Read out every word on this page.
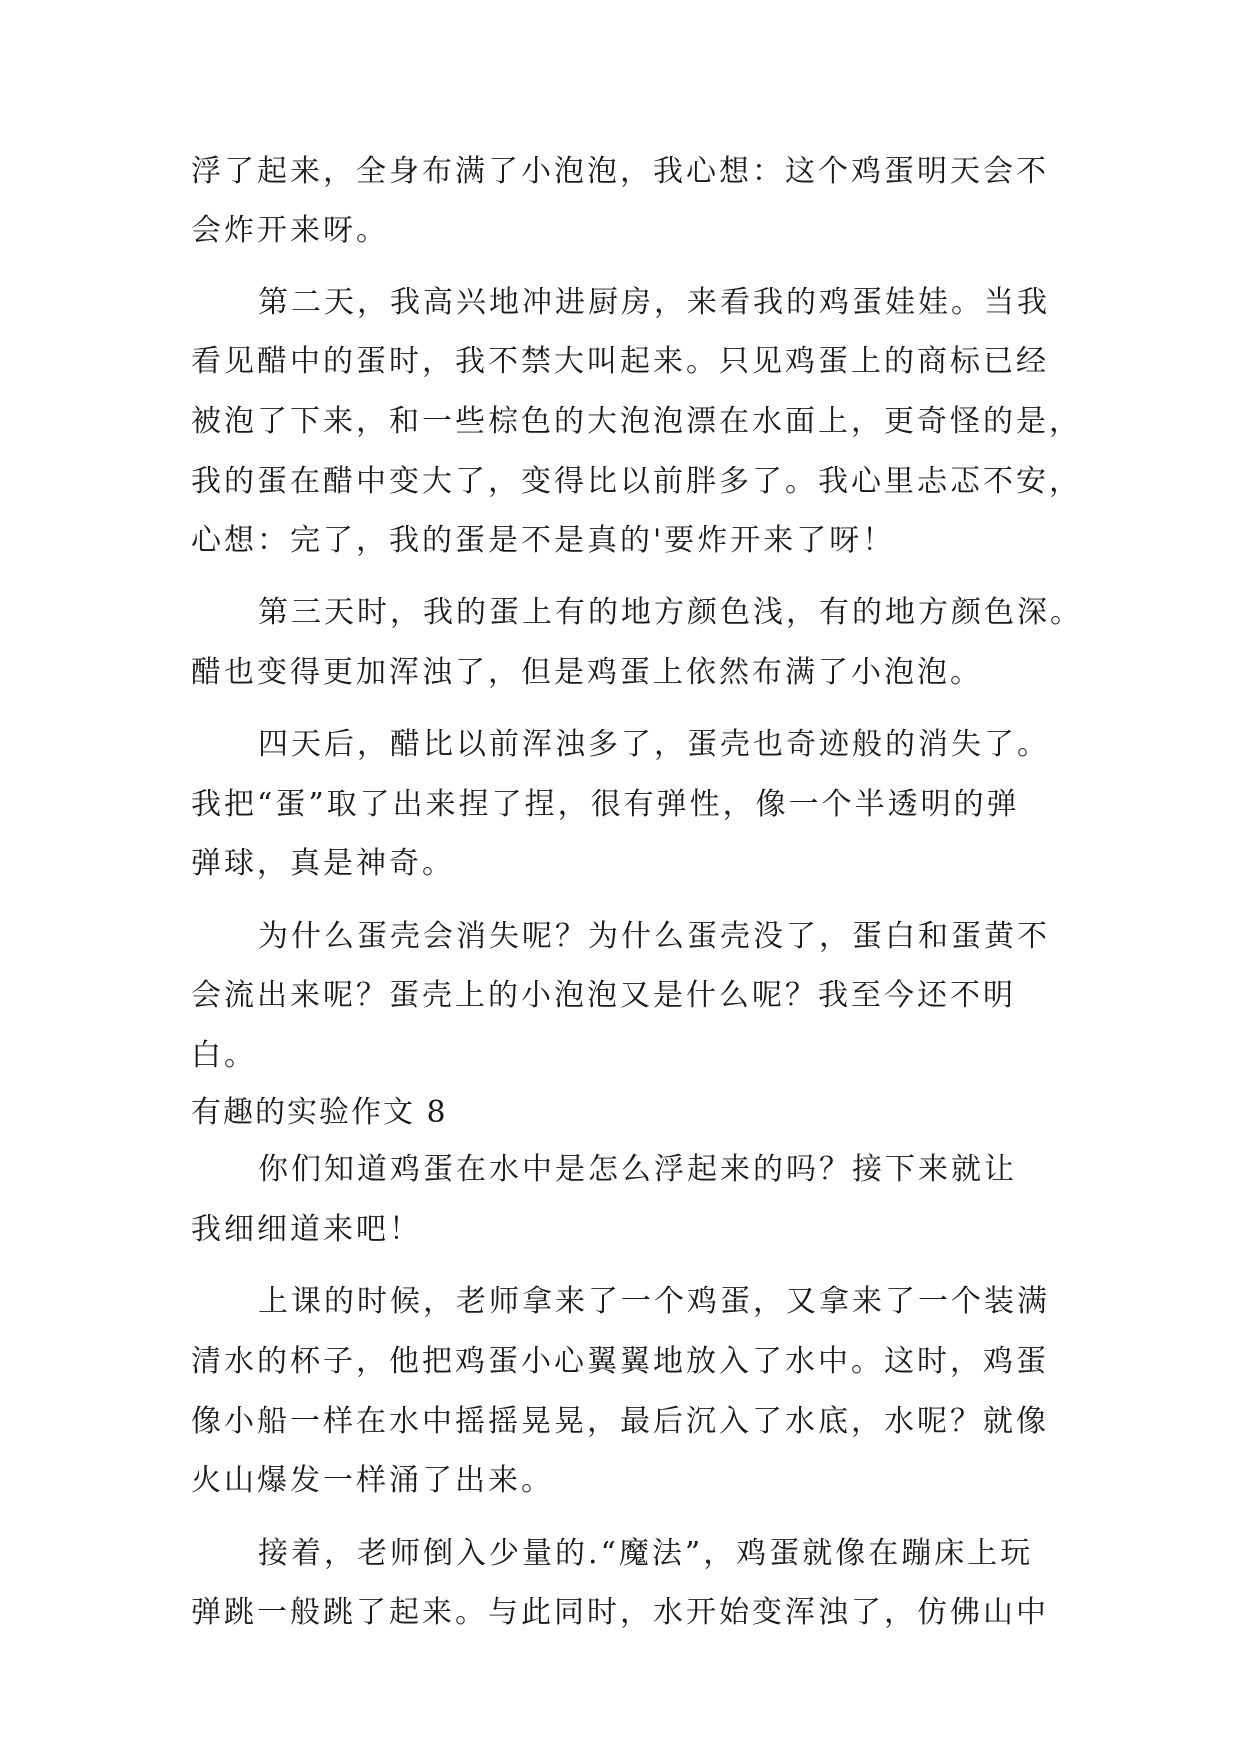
浮了起来，全身布满了小泡泡，我心想：这个鸡蛋明天会不
会炸开来呀。
第二天，我高兴地冲进厨房，来看我的鸡蛋娃娃。当我
看见醋中的蛋时，我不禁大叫起来。只见鸡蛋上的商标已经
被泡了下来，和一些棕色的大泡泡漂在水面上，更奇怪的是，
我的蛋在醋中变大了，变得比以前胖多了。我心里忐忑不安，
心想：完了，我的蛋是不是真的'要炸开来了呀！
第三天时，我的蛋上有的地方颜色浅，有的地方颜色深。
醋也变得更加浑浊了，但是鸡蛋上依然布满了小泡泡。
四天后，醋比以前浑浊多了，蛋壳也奇迹般的消失了。
我把“蛋”取了出来捏了捏，很有弹性，像一个半透明的弹
弹球，真是神奇。
为什么蛋壳会消失呢？为什么蛋壳没了，蛋白和蛋黄不
会流出来呢？蛋壳上的小泡泡又是什么呢？我至今还不明
白。
有趣的实验作文 8
你们知道鸡蛋在水中是怎么浮起来的吗？接下来就让
我细细道来吧！
上课的时候，老师拿来了一个鸡蛋，又拿来了一个装满
清水的杯子，他把鸡蛋小心翼翼地放入了水中。这时，鸡蛋
像小船一样在水中摇摇晃晃，最后沉入了水底，水呢？就像
火山爆发一样涌了出来。
接着，老师倒入少量的.“魔法”，鸡蛋就像在蹦床上玩
弹跳一般跳了起来。与此同时，水开始变浑浊了，仿佛山中
